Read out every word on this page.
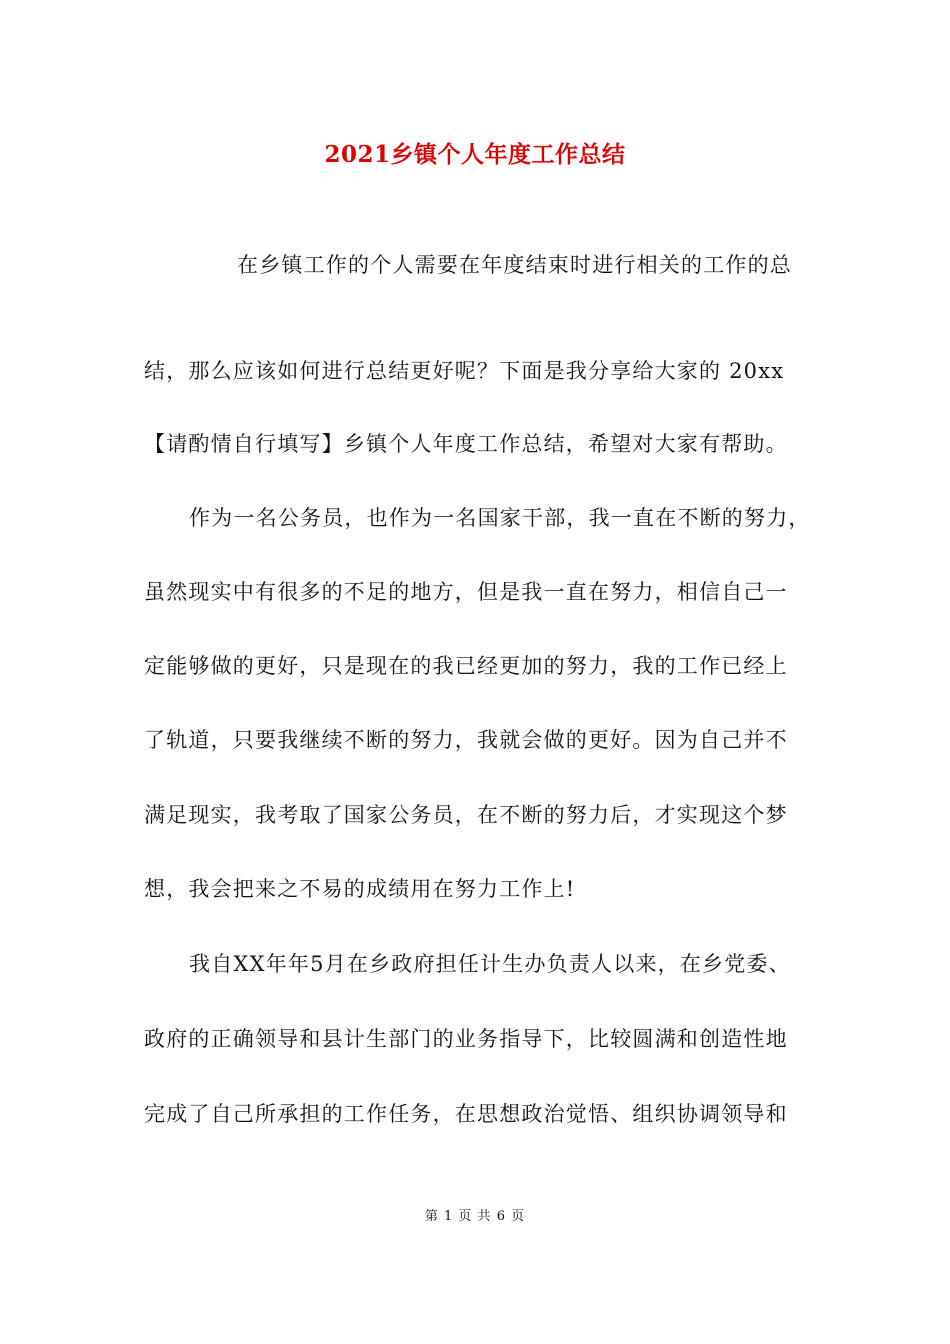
2021乡镇个人年度工作总结
在乡镇工作的个人需要在年度结束时进行相关的工作的总
结，那么应该如何进行总结更好呢？下面是我分享给大家的 20xx
【请酌情自行填写】乡镇个人年度工作总结，希望对大家有帮助。
作为一名公务员，也作为一名国家干部，我一直在不断的努力，
虽然现实中有很多的不足的地方，但是我一直在努力，相信自己一
定能够做的更好，只是现在的我已经更加的努力，我的工作已经上
了轨道，只要我继续不断的努力，我就会做的更好。因为自己并不
满足现实，我考取了国家公务员，在不断的努力后，才实现这个梦
想，我会把来之不易的成绩用在努力工作上!
我自XX年年5月在乡政府担任计生办负责人以来，在乡党委、
政府的正确领导和县计生部门的业务指导下，比较圆满和创造性地
完成了自己所承担的工作任务，在思想政治觉悟、组织协调领导和
第 1 页 共 6 页
